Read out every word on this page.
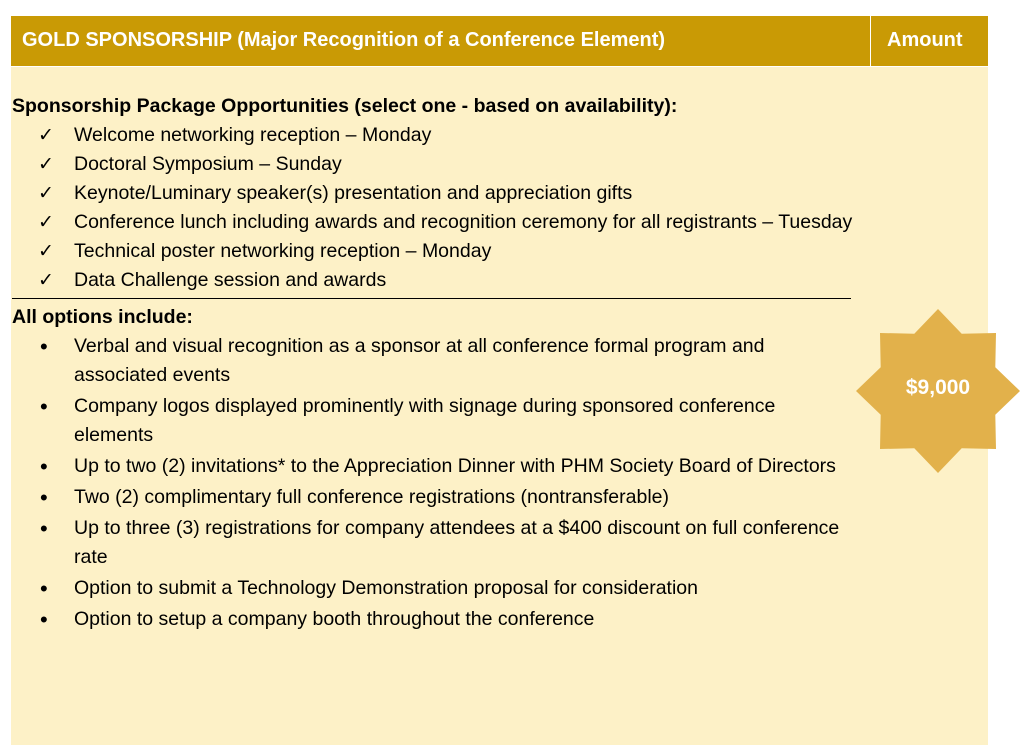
GOLD SPONSORSHIP (Major Recognition of a Conference Element)	Amount
Sponsorship Package Opportunities (select one - based on availability):
✓	Welcome networking reception – Monday
✓	Doctoral Symposium – Sunday
✓	Keynote/Luminary speaker(s) presentation and appreciation gifts
✓	Conference lunch including awards and recognition ceremony for all registrants – Tuesday
✓	Technical poster networking reception – Monday
✓	Data Challenge session and awards
All options include:
•	Verbal and visual recognition as a sponsor at all conference formal program and associated events
•	Company logos displayed prominently with signage during sponsored conference elements
•	Up to two (2) invitations* to the Appreciation Dinner with PHM Society Board of Directors
•	Two (2) complimentary full conference registrations (nontransferable)
•	Up to three (3) registrations for company attendees at a $400 discount on full conference rate
•	Option to submit a Technology Demonstration proposal for consideration
•	Option to setup a company booth throughout the conference
$9,000
